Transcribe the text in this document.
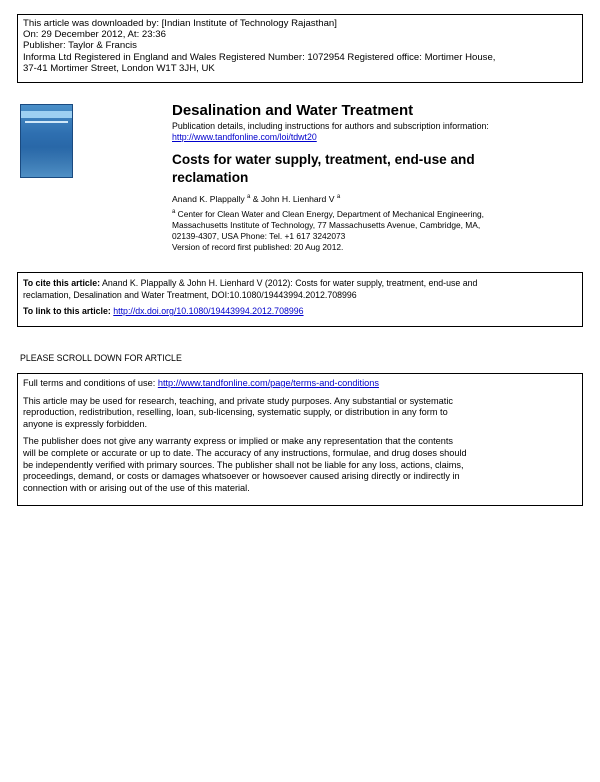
This article was downloaded by: [Indian Institute of Technology Rajasthan]
On: 29 December 2012, At: 23:36
Publisher: Taylor & Francis
Informa Ltd Registered in England and Wales Registered Number: 1072954 Registered office: Mortimer House,
37-41 Mortimer Street, London W1T 3JH, UK
Desalination and Water Treatment
Publication details, including instructions for authors and subscription information:
http://www.tandfonline.com/loi/tdwt20
Costs for water supply, treatment, end-use and
reclamation
Anand K. Plappally $^a$ & John H. Lienhard V $^a$
$^a$ Center for Clean Water and Clean Energy, Department of Mechanical Engineering,
Massachusetts Institute of Technology, 77 Massachusetts Avenue, Cambridge, MA,
02139-4307, USA Phone: Tel. +1 617 3242073
Version of record first published: 20 Aug 2012.
To cite this article: Anand K. Plappally & John H. Lienhard V (2012): Costs for water supply, treatment, end-use and
reclamation, Desalination and Water Treatment, DOI:10.1080/19443994.2012.708996
To link to this article: http://dx.doi.org/10.1080/19443994.2012.708996
PLEASE SCROLL DOWN FOR ARTICLE
Full terms and conditions of use: http://www.tandfonline.com/page/terms-and-conditions
This article may be used for research, teaching, and private study purposes. Any substantial or systematic
reproduction, redistribution, reselling, loan, sub-licensing, systematic supply, or distribution in any form to
anyone is expressly forbidden.
The publisher does not give any warranty express or implied or make any representation that the contents
will be complete or accurate or up to date. The accuracy of any instructions, formulae, and drug doses should
be independently verified with primary sources. The publisher shall not be liable for any loss, actions, claims,
proceedings, demand, or costs or damages whatsoever or howsoever caused arising directly or indirectly in
connection with or arising out of the use of this material.
